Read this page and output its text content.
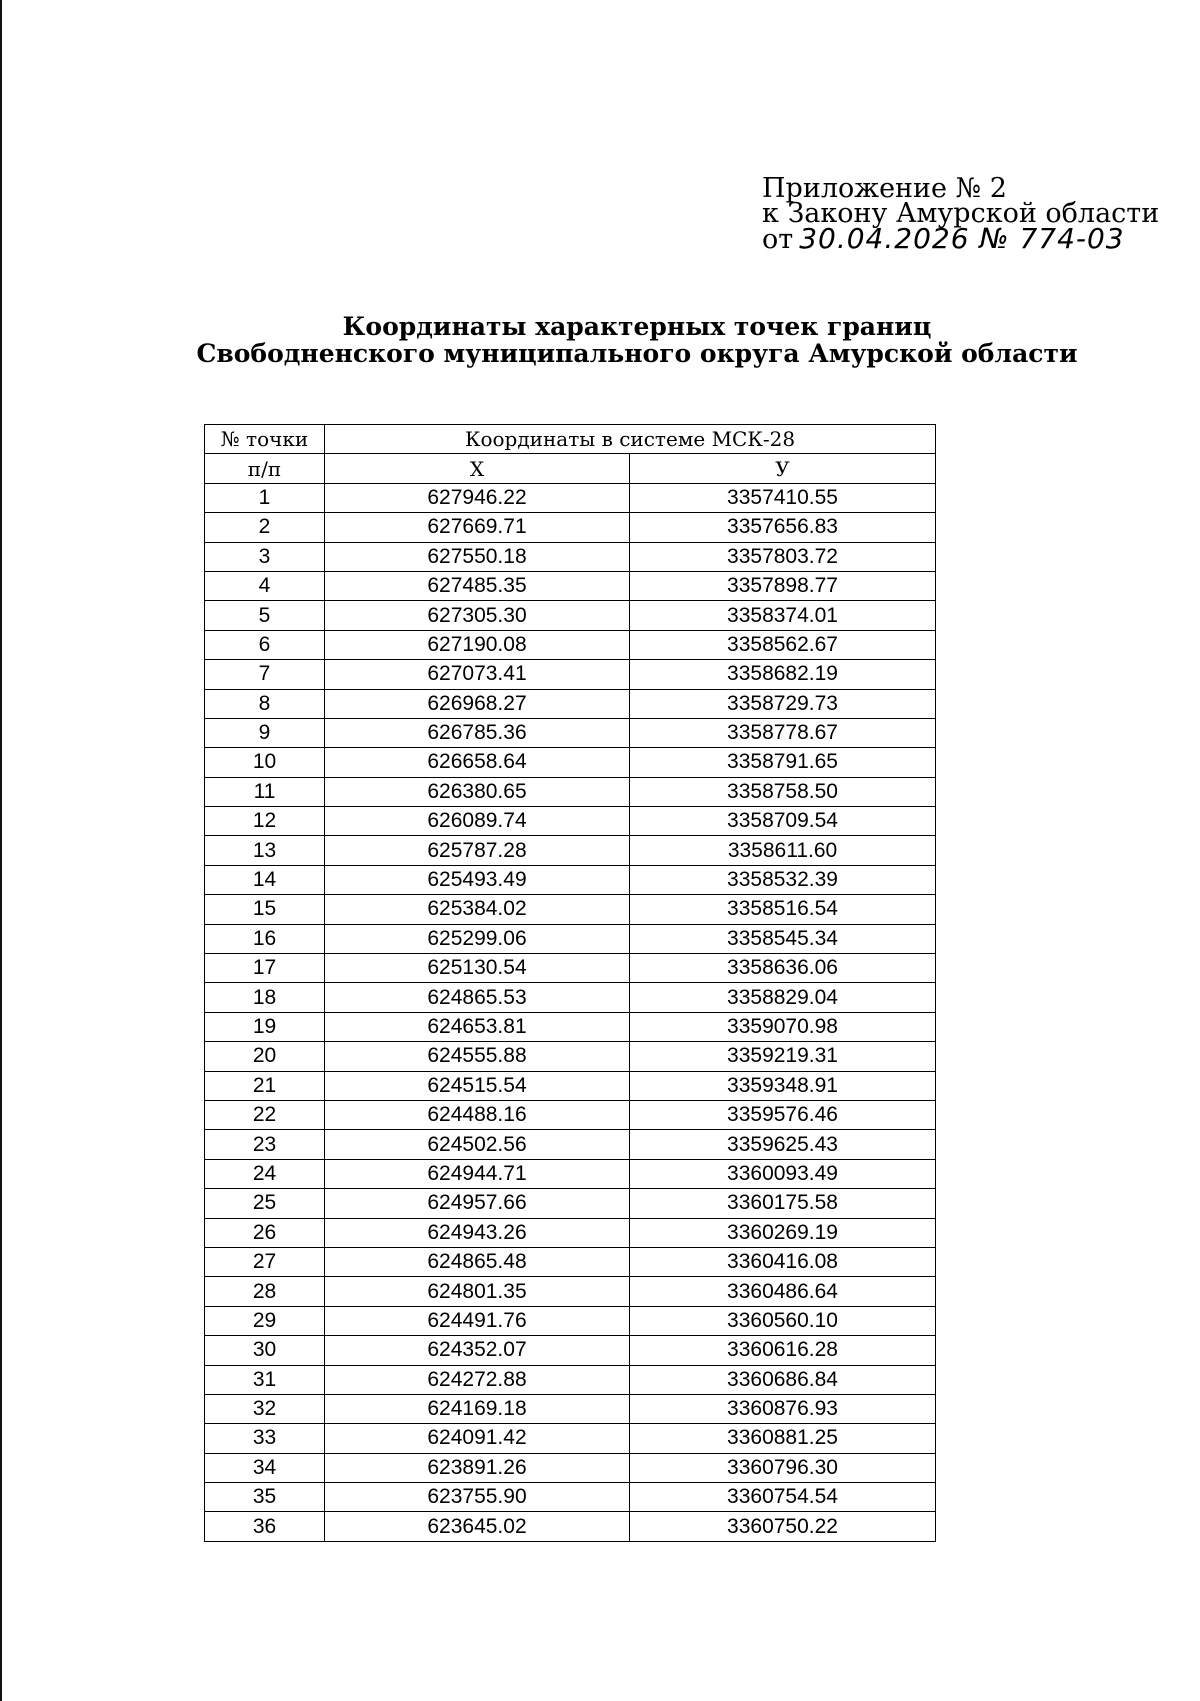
Приложение № 2
к Закону Амурской области
от 30.04.2026 № 774-03
Координаты характерных точек границ
Свободненского муниципального округа Амурской области
№ точки	Координаты в системе МСК-28	
п/п	X	У
1	627946.22	3357410.55
2	627669.71	3357656.83
3	627550.18	3357803.72
4	627485.35	3357898.77
5	627305.30	3358374.01
6	627190.08	3358562.67
7	627073.41	3358682.19
8	626968.27	3358729.73
9	626785.36	3358778.67
10	626658.64	3358791.65
11	626380.65	3358758.50
12	626089.74	3358709.54
13	625787.28	3358611.60
14	625493.49	3358532.39
15	625384.02	3358516.54
16	625299.06	3358545.34
17	625130.54	3358636.06
18	624865.53	3358829.04
19	624653.81	3359070.98
20	624555.88	3359219.31
21	624515.54	3359348.91
22	624488.16	3359576.46
23	624502.56	3359625.43
24	624944.71	3360093.49
25	624957.66	3360175.58
26	624943.26	3360269.19
27	624865.48	3360416.08
28	624801.35	3360486.64
29	624491.76	3360560.10
30	624352.07	3360616.28
31	624272.88	3360686.84
32	624169.18	3360876.93
33	624091.42	3360881.25
34	623891.26	3360796.30
35	623755.90	3360754.54
36	623645.02	3360750.22
